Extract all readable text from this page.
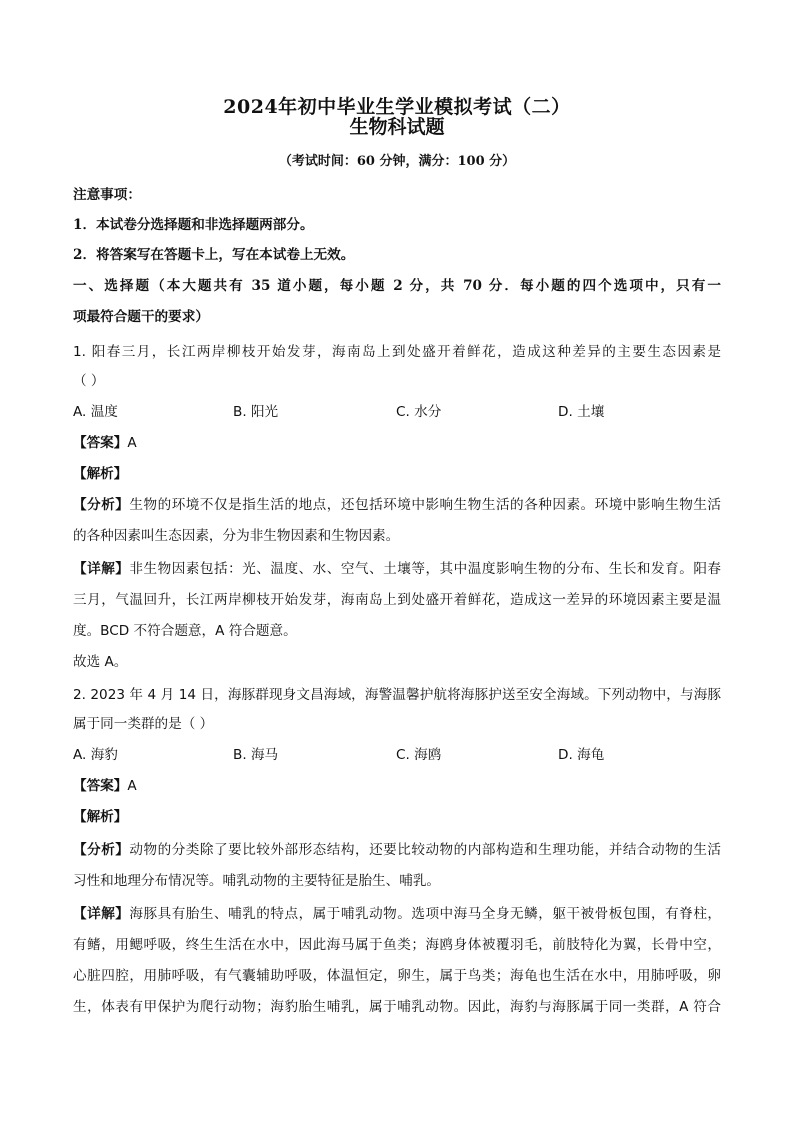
2024年初中毕业生学业模拟考试（二）
生物科试题
（考试时间：60 分钟，满分：100 分）
注意事项：
1．本试卷分选择题和非选择题两部分。
2．将答案写在答题卡上，写在本试卷上无效。
一、选择题（本大题共有 35 道小题，每小题 2 分，共 70 分．每小题的四个选项中，只有一
项最符合题干的要求）
1. 阳春三月，长江两岸柳枝开始发芽，海南岛上到处盛开着鲜花，造成这种差异的主要生态因素是
（ ）
A. 温度	B. 阳光	C. 水分	D. 土壤
【答案】A
【解析】
【分析】生物的环境不仅是指生活的地点，还包括环境中影响生物生活的各种因素。环境中影响生物生活
的各种因素叫生态因素，分为非生物因素和生物因素。
【详解】非生物因素包括：光、温度、水、空气、土壤等，其中温度影响生物的分布、生长和发育。阳春
三月，气温回升，长江两岸柳枝开始发芽，海南岛上到处盛开着鲜花，造成这一差异的环境因素主要是温
度。BCD 不符合题意，A 符合题意。
故选 A。
2. 2023 年 4 月 14 日，海豚群现身文昌海域，海警温馨护航将海豚护送至安全海域。下列动物中，与海豚
属于同一类群的是（ ）
A. 海豹	B. 海马	C. 海鸥	D. 海龟
【答案】A
【解析】
【分析】动物的分类除了要比较外部形态结构，还要比较动物的内部构造和生理功能，并结合动物的生活
习性和地理分布情况等。哺乳动物的主要特征是胎生、哺乳。
【详解】海豚具有胎生、哺乳的特点，属于哺乳动物。选项中海马全身无鳞，躯干被骨板包围，有脊柱，
有鳍，用鳃呼吸，终生生活在水中，因此海马属于鱼类；海鸥身体被覆羽毛，前肢特化为翼，长骨中空，
心脏四腔，用肺呼吸，有气囊辅助呼吸，体温恒定，卵生，属于鸟类；海龟也生活在水中，用肺呼吸，卵
生，体表有甲保护为爬行动物；海豹胎生哺乳，属于哺乳动物。因此，海豹与海豚属于同一类群，A 符合
